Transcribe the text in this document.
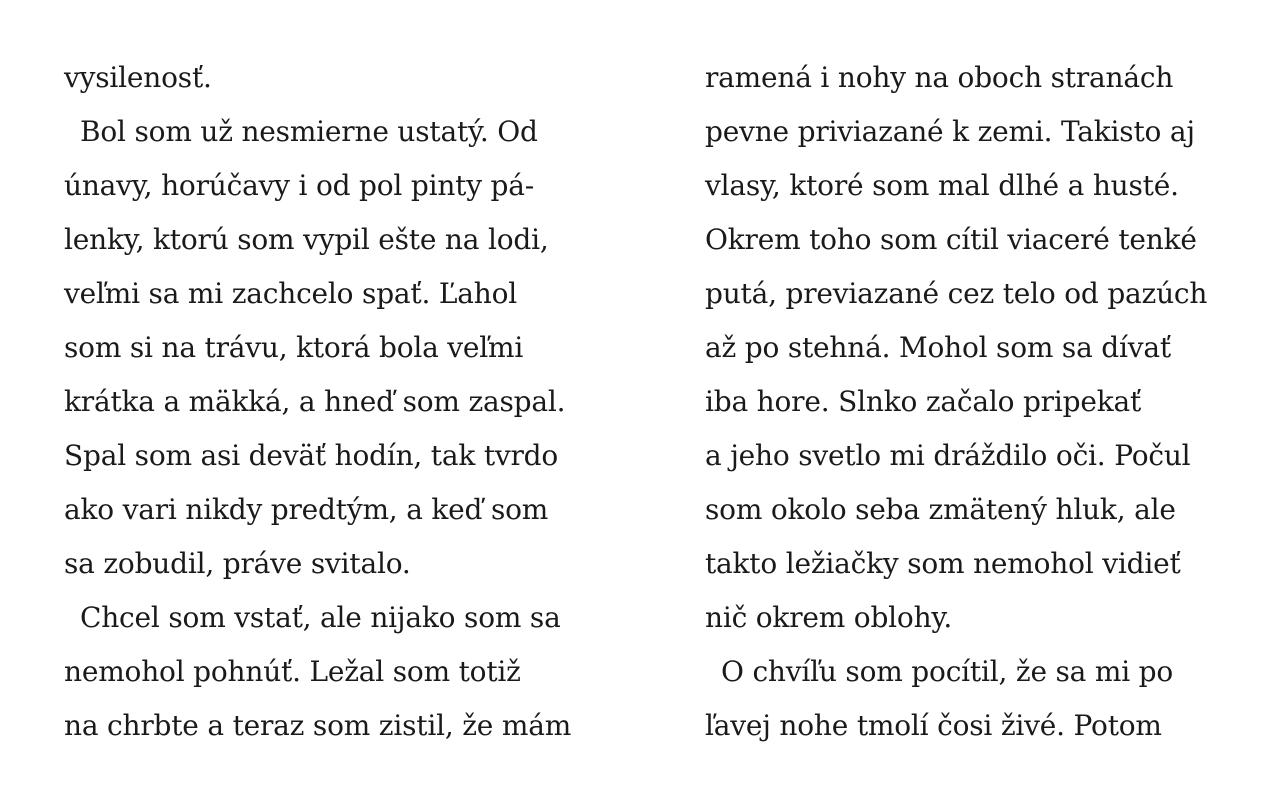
vysilenosť.
Bol som už nesmierne ustatý. Od
únavy, horúčavy i od pol pinty pá-
lenky, ktorú som vypil ešte na lodi,
veľmi sa mi zachcelo spať. Ľahol
som si na trávu, ktorá bola veľmi
krátka a mäkká, a hneď som zaspal.
Spal som asi deväť hodín, tak tvrdo
ako vari nikdy predtým, a keď som
sa zobudil, práve svitalo.
Chcel som vstať, ale nijako som sa
nemohol pohnúť. Ležal som totiž
na chrbte a teraz som zistil, že mám
ramená i nohy na oboch stranách
pevne priviazané k zemi. Takisto aj
vlasy, ktoré som mal dlhé a husté.
Okrem toho som cítil viaceré tenké
putá, previazané cez telo od pazúch
až po stehná. Mohol som sa dívať
iba hore. Slnko začalo pripekať
a jeho svetlo mi dráždilo oči. Počul
som okolo seba zmätený hluk, ale
takto ležiačky som nemohol vidieť
nič okrem oblohy.
O chvíľu som pocítil, že sa mi po
ľavej nohe tmolí čosi živé. Potom
